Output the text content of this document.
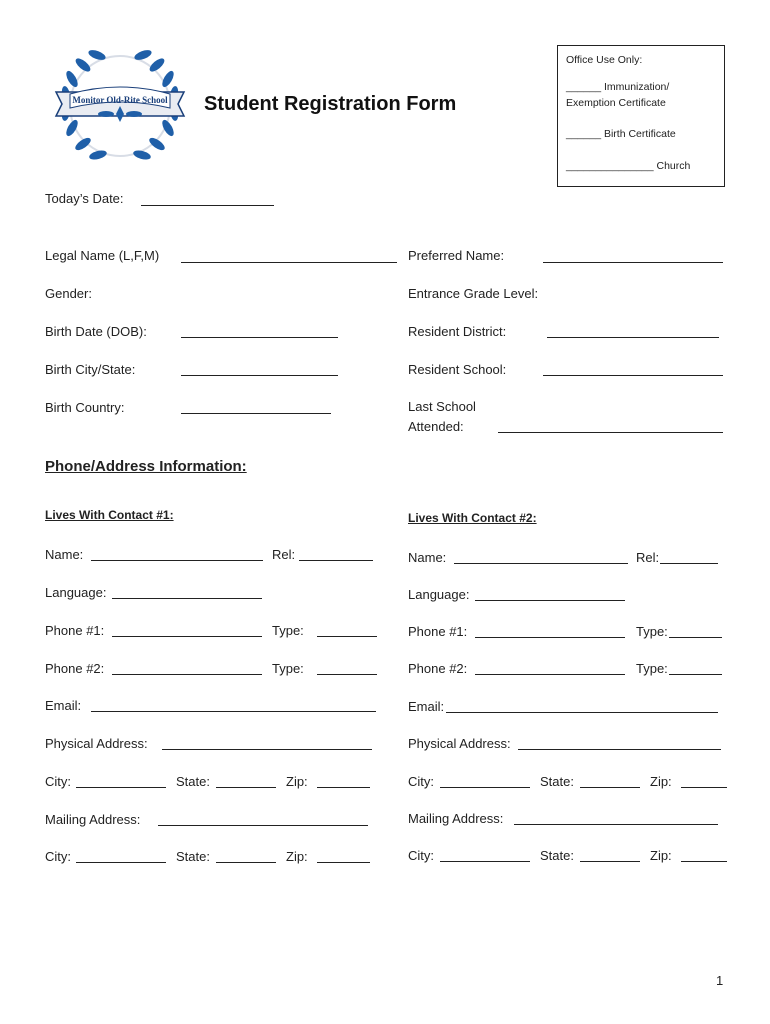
Monitor Old-Rite School Student Registration Form
Office Use Only:
______ Immunization/
Exemption Certificate
______ Birth Certificate
_______________ Church
Today’s Date:
Legal Name (L,F,M)
Gender:
Birth Date (DOB):
Birth City/State:
Birth Country:
Preferred Name:
Entrance Grade Level:
Resident District:
Resident School:
Last School
Attended:
Phone/Address Information:
Lives With Contact #1:
Name:	Rel:
Language:
Phone #1:	Type:
Phone #2:	Type:
Email:
Physical Address:
City:	State:	Zip:
Mailing Address:
City:	State:	Zip:
Lives With Contact #2:
Name:	Rel:
Language:
Phone #1:	Type:
Phone #2:	Type:
Email:
Physical Address:
City:	State:	Zip:
Mailing Address:
City:	State:	Zip:
1
